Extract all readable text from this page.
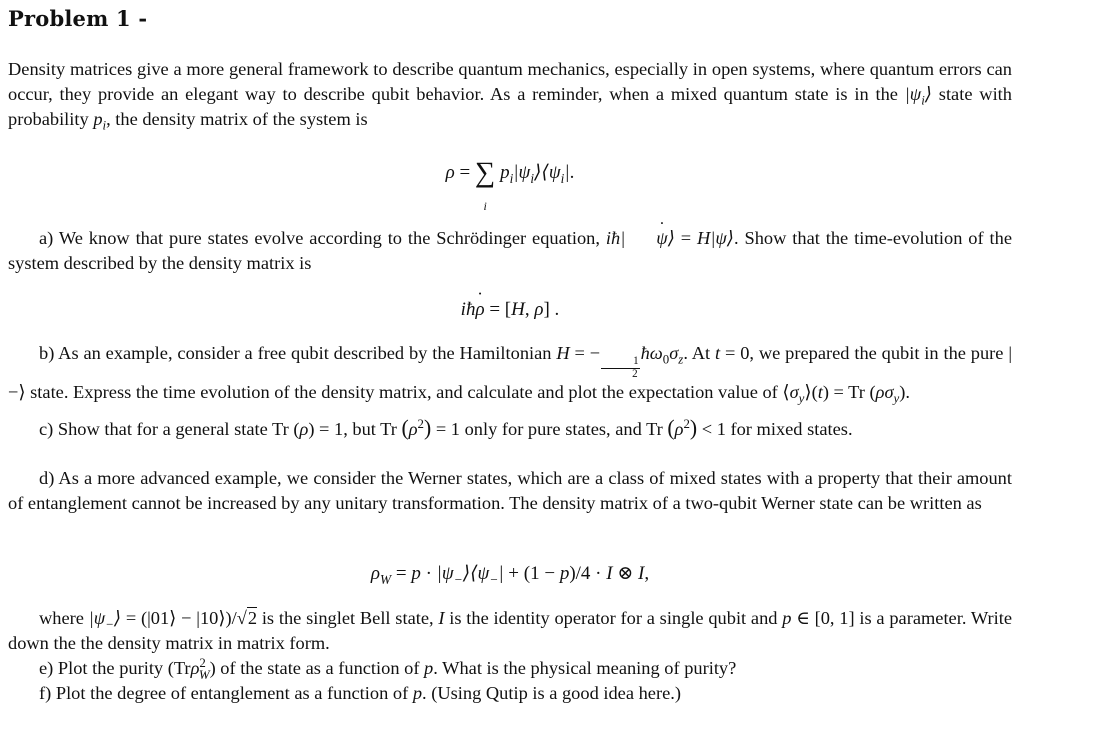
Problem 1 -
Density matrices give a more general framework to describe quantum mechanics, especially in open systems, where quantum errors can occur, they provide an elegant way to describe qubit behavior. As a reminder, when a mixed quantum state is in the $|\psi_i⟩$ state with probability $p_i$, the density matrix of the system is
ρ = ∑
i
$p_i|\psi_i⟩⟨\psi_i|$.
a) We know that pure states evolve according to the Schrödinger equation, iħ|˙ ψ⟩ = H|ψ⟩. Show that the time-evolution of the system described by the density matrix is
iħ˙ ρ = [H, ρ] .
b) As an example, consider a free qubit described by the Hamiltonian H = −
$\frac{1}{2}$
$ħ\omega_0\sigma_z$. At t = 0, we prepared the qubit in the pure |−⟩ state. Express the time evolution of the density matrix, and calculate and plot the expectation value of $⟨\sigma_y⟩(t) = Tr$ $(\rho\sigma_y)$.
c) Show that for a general state Tr (ρ) = 1, but Tr $(\rho^2) = 1$ only for pure states, and Tr $(\rho^2) < 1$ for mixed states.
d) As a more advanced example, we consider the Werner states, which are a class of mixed states with a property that their amount of entanglement cannot be increased by any unitary transformation. The density matrix of a two-qubit Werner state can be written as
$\rho_W = p$ · $|\psi_-⟩⟨\psi_-| + (1 - p)/4 \cdot I$ ⊗ I,
where $|\psi_-⟩$ = (|01⟩ − |10⟩)/√2 is the singlet Bell state, I is the identity operator for a single qubit and p ∈ [0, 1] is a parameter. Write down the the density matrix in matrix form.
e) Plot the purity (Trρ$^2_W$) of the state as a function of p. What is the physical meaning of purity?
f) Plot the degree of entanglement as a function of p. (Using Qutip is a good idea here.)
